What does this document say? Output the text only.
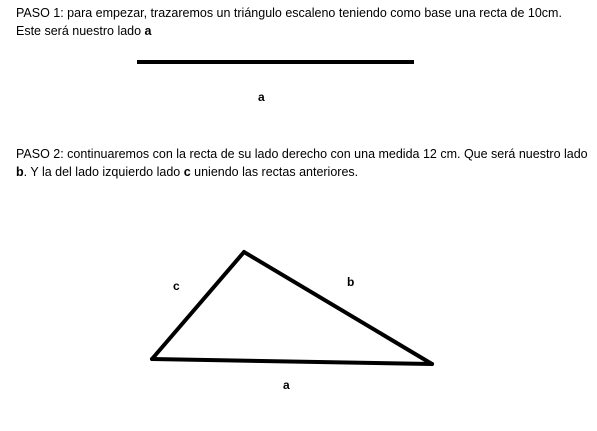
PASO 1: para empezar, trazaremos un triángulo escaleno teniendo como base una recta de 10cm. Este será nuestro lado a

a

PASO 2: continuaremos con la recta de su lado derecho con una medida 12 cm. Que será nuestro lado b. Y la del lado izquierdo lado c uniendo las rectas anteriores.

c	b
a
